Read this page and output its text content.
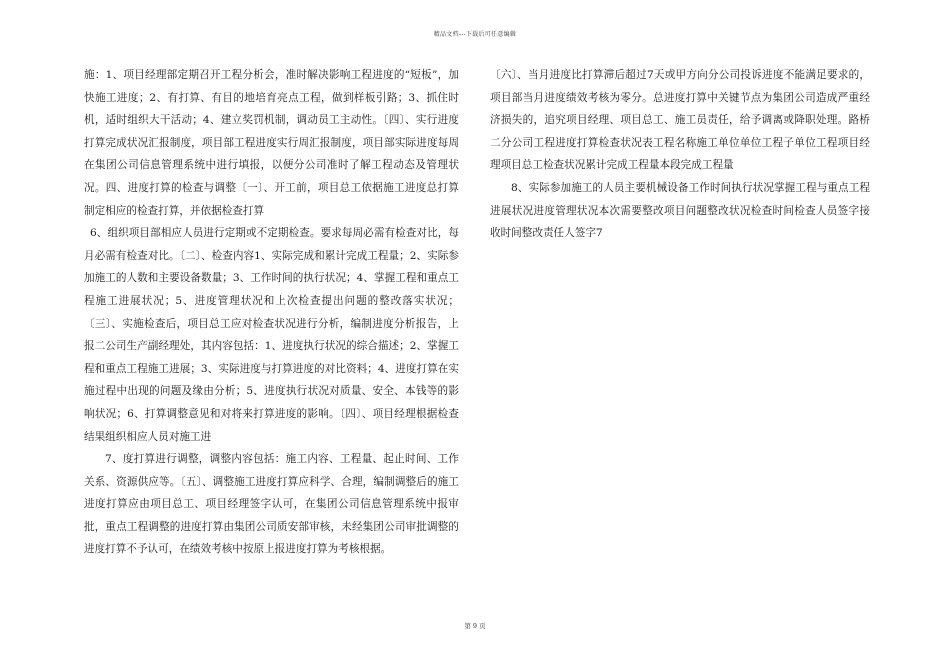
精品文档---下载后可任意编辑

施：1、项目经理部定期召开工程分析会，准时解决影响工程进度的“短板”，加快施工进度；2、有打算、有目的地培育亮点工程，做到样板引路；3、抓住时机，适时组织大干活动；4、建立奖罚机制，调动员工主动性。〔四〕、实行进度打算完成状况汇报制度，项目部工程进度实行周汇报制度，项目部实际进度每周在集团公司信息管理系统中进行填报，以便分公司准时了解工程动态及管理状况。四、进度打算的检查与调整〔一〕、开工前，项目总工依据施工进度总打算制定相应的检查打算，并依据检查打算

6、组织项目部相应人员进行定期或不定期检查。要求每周必需有检查对比，每月必需有检查对比。〔二〕、检查内容1、实际完成和累计完成工程量；2、实际参加施工的人数和主要设备数量；3、工作时间的执行状况；4、掌握工程和重点工程施工进展状况；5、进度管理状况和上次检查提出问题的整改落实状况；〔三〕、实施检查后，项目总工应对检查状况进行分析，编制进度分析报告，上报二公司生产副经理处，其内容包括：1、进度执行状况的综合描述；2、掌握工程和重点工程施工进展；3、实际进度与打算进度的对比资料；4、进度打算在实施过程中出现的问题及缘由分析；5、进度执行状况对质量、安全、本钱等的影响状况；6、打算调整意见和对将来打算进度的影响。〔四〕、项目经理根据检查结果组织相应人员对施工进

7、度打算进行调整，调整内容包括：施工内容、工程量、起止时间、工作关系、资源供应等。〔五〕、调整施工进度打算应科学、合理，编制调整后的施工进度打算应由项目总工、项目经理签字认可，在集团公司信息管理系统中报审批，重点工程调整的进度打算由集团公司质安部审核，未经集团公司审批调整的进度打算不予认可，在绩效考核中按原上报进度打算为考核根据。

〔六〕、当月进度比打算滞后超过7天或甲方向分公司投诉进度不能满足要求的，项目部当月进度绩效考核为零分。总进度打算中关键节点为集团公司造成严重经济损失的，追究项目经理、项目总工、施工员责任，给予调离或降职处理。路桥二分公司工程进度打算检查状况表工程名称施工单位单位工程子单位工程项目经理项目总工检查状况累计完成工程量本段完成工程量

8、实际参加施工的人员主要机械设备工作时间执行状况掌握工程与重点工程进展状况进度管理状况本次需要整改项目问题整改状况检查时间检查人员签字接收时间整改责任人签字7

第 9 页
